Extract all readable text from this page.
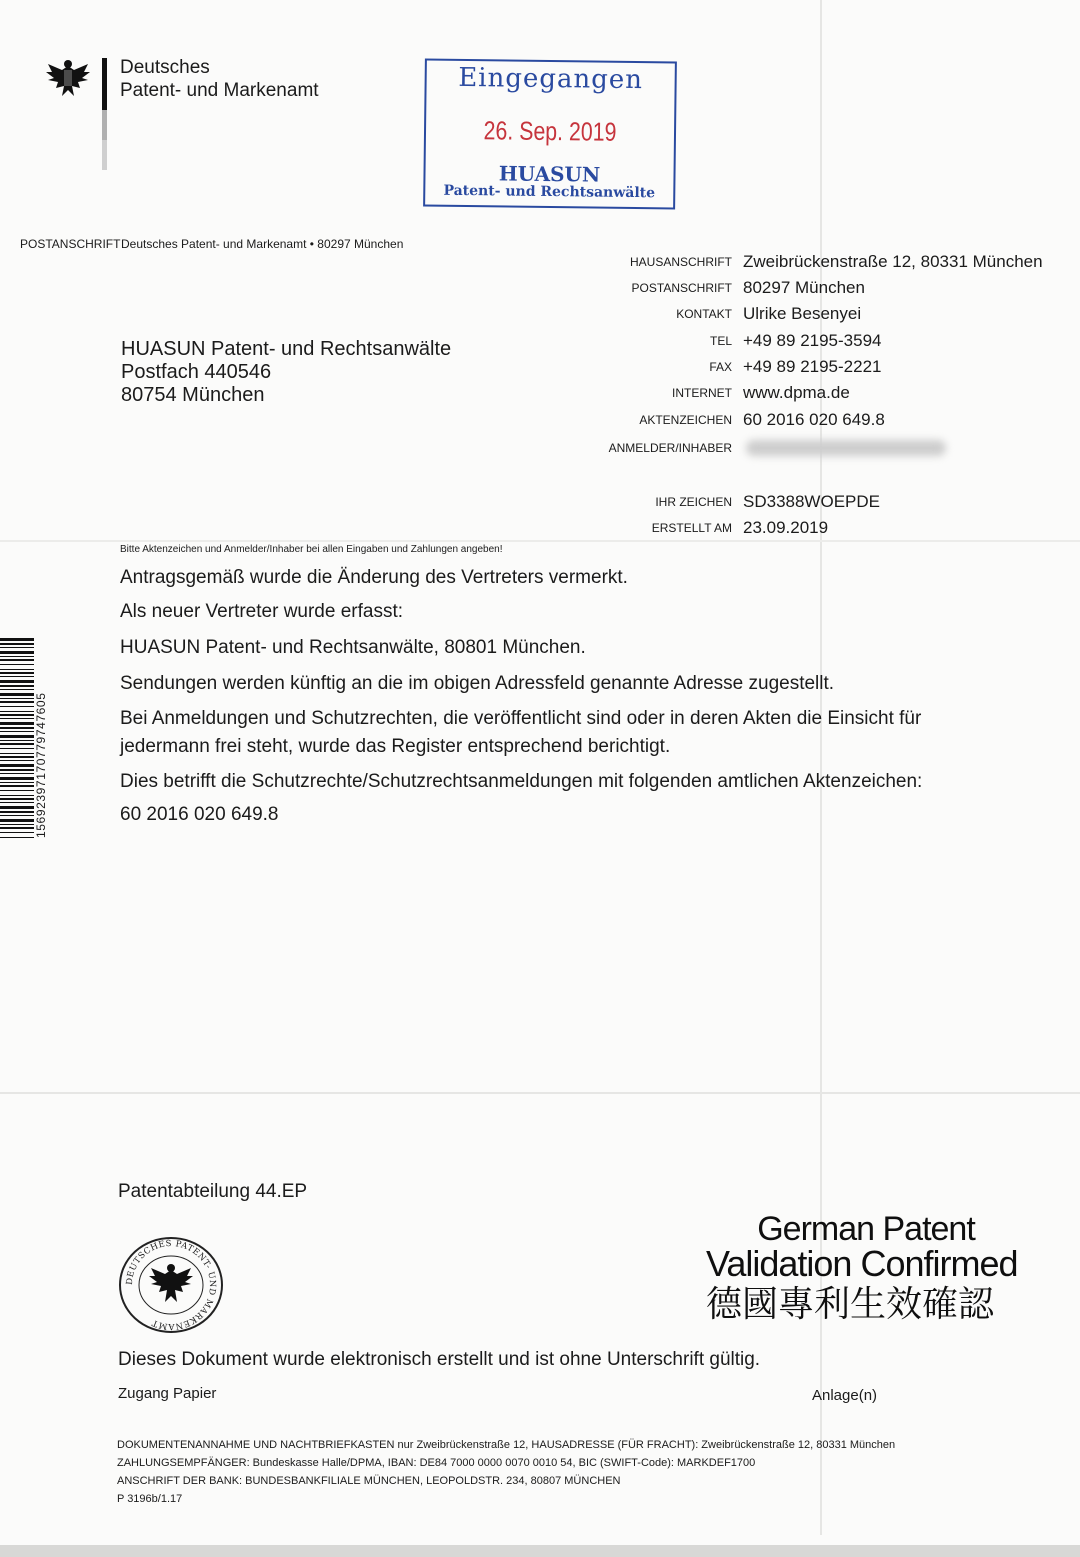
Deutsches
Patent- und Markenamt	Eingegangen
26. Sep. 2019
HUASUN
Patent- und Rechtsanwälte
POSTANSCHRIFT Deutsches Patent- und Markenamt • 80297 München
HUASUN Patent- und Rechtsanwälte
Postfach 440546
80754 München
HAUSANSCHRIFT Zweibrückenstraße 12, 80331 München
POSTANSCHRIFT 80297 München
KONTAKT Ulrike Besenyei
TEL +49 89 2195-3594
FAX +49 89 2195-2221
INTERNET www.dpma.de
AKTENZEICHEN 60 2016 020 649.8
ANMELDER/INHABER
IHR ZEICHEN SD3388WOEPDE
ERSTELLT AM 23.09.2019
Bitte Aktenzeichen und Anmelder/Inhaber bei allen Eingaben und Zahlungen angeben!
Antragsgemäß wurde die Änderung des Vertreters vermerkt.
Als neuer Vertreter wurde erfasst:
HUASUN Patent- und Rechtsanwälte, 80801 München.
Sendungen werden künftig an die im obigen Adressfeld genannte Adresse zugestellt.
Bei Anmeldungen und Schutzrechten, die veröffentlicht sind oder in deren Akten die Einsicht für
jedermann frei steht, wurde das Register entsprechend berichtigt.
Dies betrifft die Schutzrechte/Schutzrechtsanmeldungen mit folgenden amtlichen Aktenzeichen:
60 2016 020 649.8
1569239717077974760​5
Patentabteilung 44.EP
DEUTSCHES PATENT- UND MARKENAMT
German Patent
Validation Confirmed
德國專利生效確認
Dieses Dokument wurde elektronisch erstellt und ist ohne Unterschrift gültig.
Zugang Papier	Anlage(n)
DOKUMENTENANNAHME UND NACHTBRIEFKASTEN nur Zweibrückenstraße 12, HAUSADRESSE (FÜR FRACHT): Zweibrückenstraße 12, 80331 München
ZAHLUNGSEMPFÄNGER: Bundeskasse Halle/DPMA, IBAN: DE84 7000 0000 0070 0010 54, BIC (SWIFT-Code): MARKDEF1700
ANSCHRIFT DER BANK: BUNDESBANKFILIALE MÜNCHEN, LEOPOLDSTR. 234, 80807 MÜNCHEN
P 3196b/1.17
